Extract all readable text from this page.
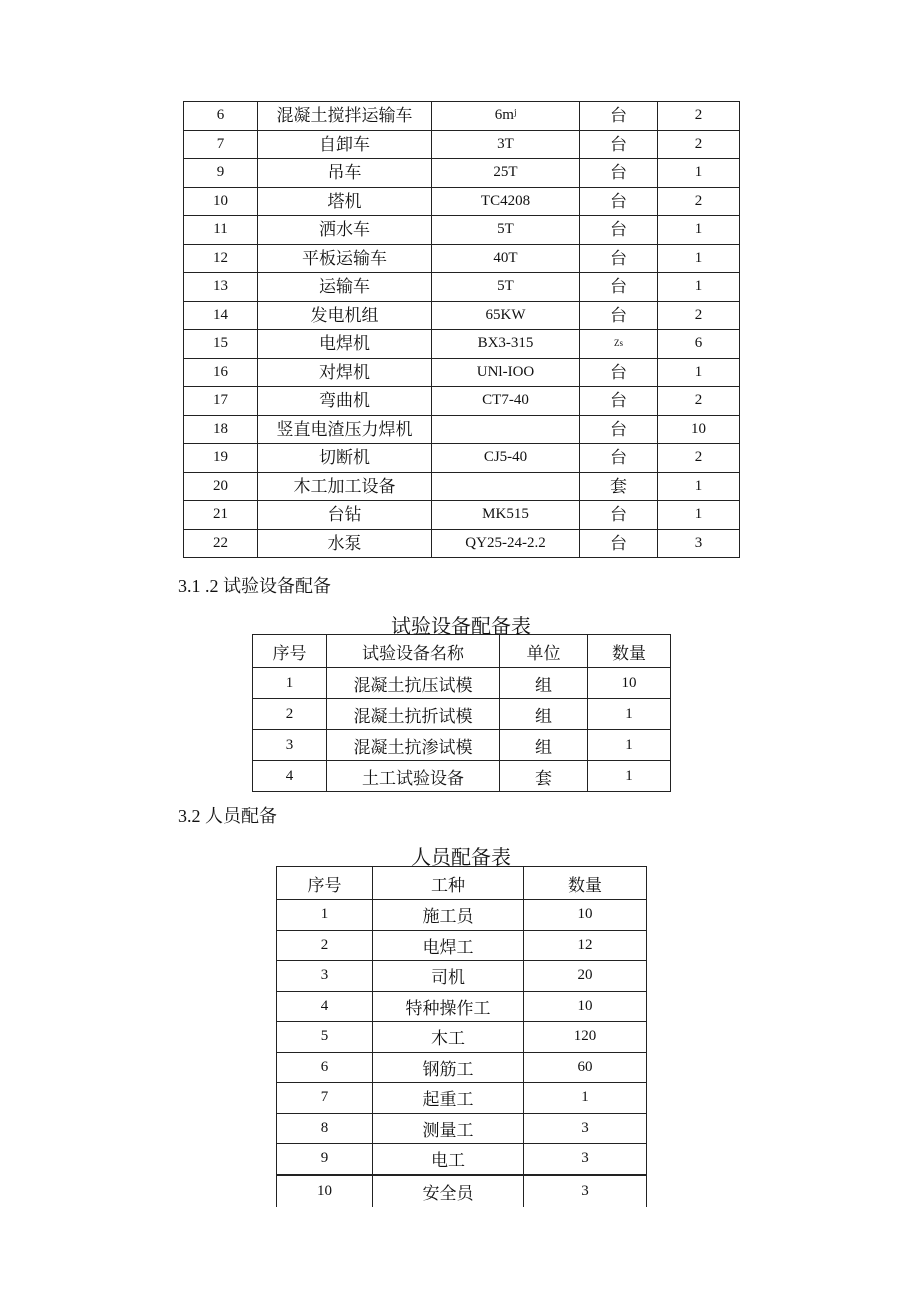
6	混凝土搅拌运输车	6mʲ	台	2
7	自卸车	3T	台	2
9	吊车	25T	台	1
10	塔机	TC4208	台	2
11	洒水车	5T	台	1
12	平板运输车	40T	台	1
13	运输车	5T	台	1
14	发电机组	65KW	台	2
15	电焊机	BX3-315	Zs	6
16	对焊机	UNl-IOO	台	1
17	弯曲机	CT7-40	台	2
18	竖直电渣压力焊机		台	10
19	切断机	CJ5-40	台	2
20	木工加工设备		套	1
21	台钻	MK515	台	1
22	水泵	QY25-24-2.2	台	3
3.1 .2 试验设备配备
试验设备配备表
序号	试验设备名称	单位	数量
1	混凝土抗压试模	组	10
2	混凝土抗折试模	组	1
3	混凝土抗渗试模	组	1
4	土工试验设备	套	1
3.2 人员配备
人员配备表
序号	工种	数量
1	施工员	10
2	电焊工	12
3	司机	20
4	特种操作工	10
5	木工	120
6	钢筋工	60
7	起重工	1
8	测量工	3
9	电工	3
10	安全员	3
